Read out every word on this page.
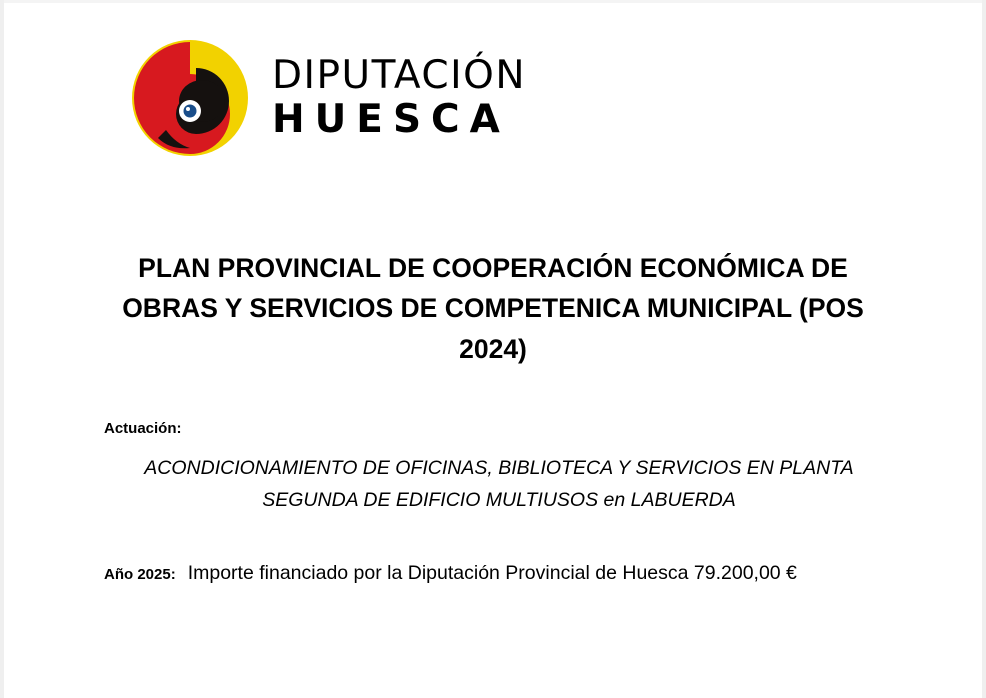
DIPUTACIÓN
HUESCA
PLAN PROVINCIAL DE COOPERACIÓN ECONÓMICA DE OBRAS Y SERVICIOS DE COMPETENICA MUNICIPAL (POS 2024)
Actuación:
ACONDICIONAMIENTO DE OFICINAS, BIBLIOTECA Y SERVICIOS EN PLANTA SEGUNDA DE EDIFICIO MULTIUSOS en LABUERDA
Año 2025: Importe financiado por la Diputación Provincial de Huesca 79.200,00 €
